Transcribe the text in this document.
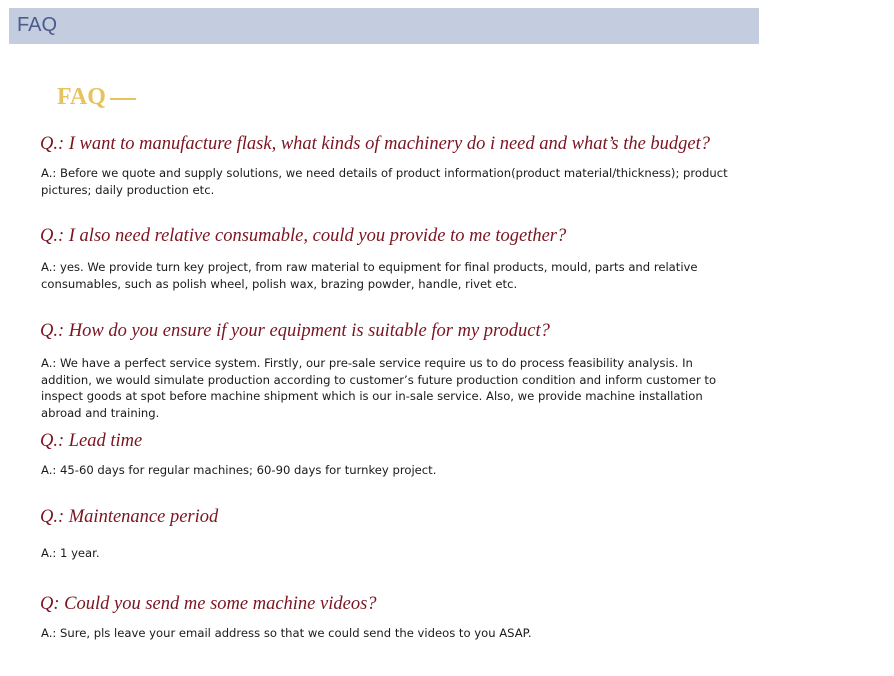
FAQ
FAQ

Q.: I want to manufacture flask, what kinds of machinery do i need and what’s the budget?

A.: Before we quote and supply solutions, we need details of product information(product material/thickness); product pictures; daily production etc.

Q.: I also need relative consumable, could you provide to me together?

A.: yes. We provide turn key project, from raw material to equipment for final products, mould, parts and relative consumables, such as polish wheel, polish wax, brazing powder, handle, rivet etc.

Q.: How do you ensure if your equipment is suitable for my product?

A.: We have a perfect service system. Firstly, our pre-sale service require us to do process feasibility analysis. In addition, we would simulate production according to customer’s future production condition and inform customer to inspect goods at spot before machine shipment which is our in-sale service. Also, we provide machine installation abroad and training.

Q.: Lead time

A.: 45-60 days for regular machines; 60-90 days for turnkey project.

Q.: Maintenance period

A.: 1 year.

Q: Could you send me some machine videos?

A.: Sure, pls leave your email address so that we could send the videos to you ASAP.
